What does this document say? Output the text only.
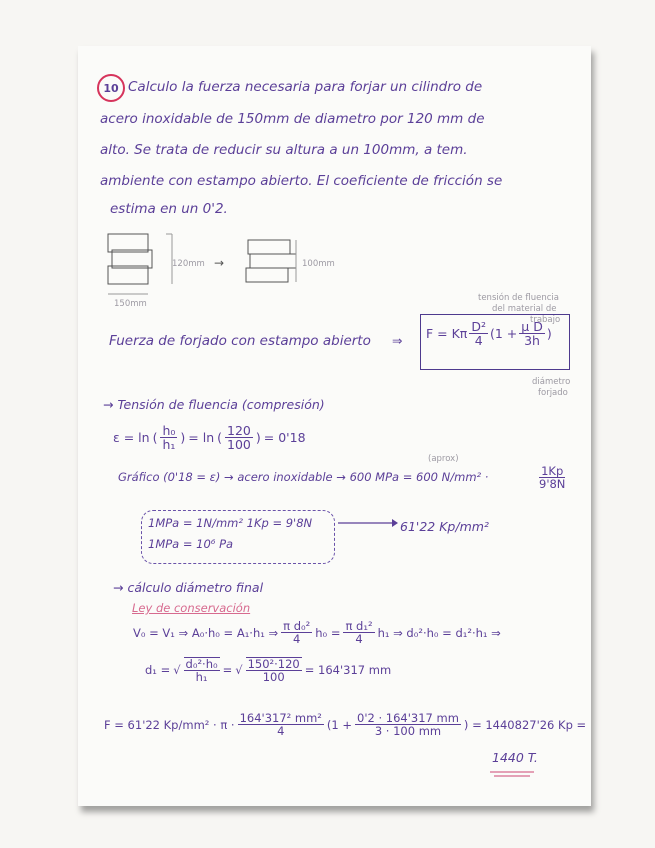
10 Calculo la fuerza necesaria para forjar un cilindro de
acero inoxidable de 150mm de diametro por 120 mm de
alto. Se trata de reducir su altura a un 100mm, a tem.
ambiente con estampo abierto. El coeficiente de fricción se
estima en un 0'2.
120mm →	100mm
150mm
tensión de fluencia
del material de
trabajo
Fuerza de forjado con estampo abierto ⇒ F = Kπ $\frac{\text{D²}}{4} (1 + \frac{\text{μ D}}{3h}$ )
diámetro
forjado
→ Tensión de fluencia (compresión)
ε = ln ( $\frac{\text{h₀}}{\text{h₁}}$ ) = ln ( $\frac{120}{100}$ ) = 0'18
(aprox)
Gráfico (0'18 = ε) → acero inoxidable → 600 MPa = 600 N/mm² ·	$\frac{1Kp}{9'8N}$
1MPa = 1N/mm² 1Kp = 9'8N
1MPa = 10⁶ Pa
61'22 Kp/mm²
→ cálculo diámetro final
Ley de conservación
V₀ = V₁ ⇒ A₀·h₀ = A₁·h₁ ⇒ $\frac{\text{π d₀²}}{4} h_0 = \frac{\text{π d₁²}}{4} h_1$ ⇒ d₀²·h₀ = d₁²·h₁ ⇒
d₁ = √ $\frac{\text{d₀²·h₀}}{\text{h₁}}$ = √ $\frac{\text{150²·120}}{100} = 164'317$ mm
F = 61'22 $Kp/mm^2 \cdot \pi \cdot \frac{\text{164'317² mm²}}{4} (1 + \frac{0'2 \cdot 164'317 mm}{3 \cdot 100 mm}$ ) = 1440827'26 Kp =
1440 T.
